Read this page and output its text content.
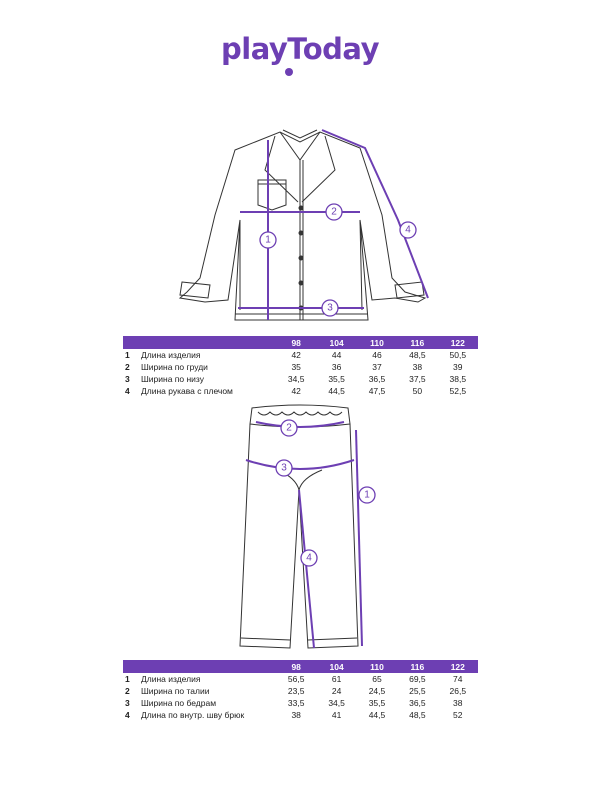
playToday
1
2
3
4
		98	104	110	116	122
1	Длина изделия	42	44	46	48,5	50,5
2	Ширина по груди	35	36	37	38	39
3	Ширина по низу	34,5	35,5	36,5	37,5	38,5
4	Длина рукава с плечом	42	44,5	47,5	50	52,5
2
3
1
4
		98	104	110	116	122
1	Длина изделия	56,5	61	65	69,5	74
2	Ширина по талии	23,5	24	24,5	25,5	26,5
3	Ширина по бедрам	33,5	34,5	35,5	36,5	38
4	Длина по внутр. шву брюк	38	41	44,5	48,5	52
